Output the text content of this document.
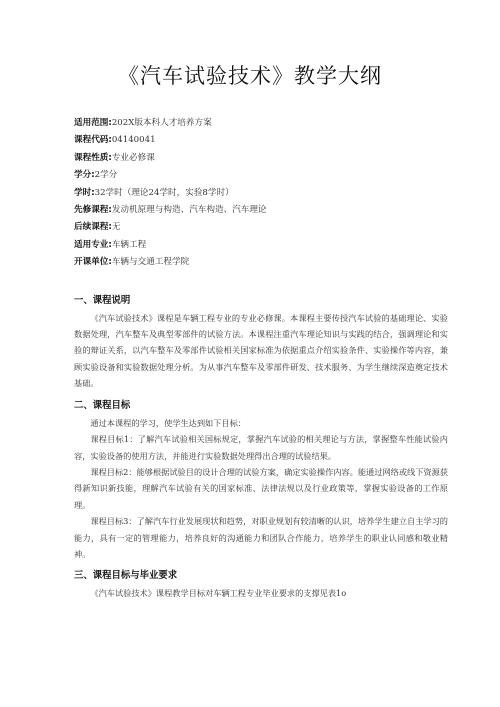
《汽车试验技术》教学大纲
适用范围:202X版本科人才培养方案
课程代码:04140041
课程性质:专业必修课
学分:2学分
学时:32学时（理论24学时，实验8学时）
先修课程:发动机原理与构造、汽车构造、汽车理论
后续课程:无
适用专业:车辆工程
开课单位:车辆与交通工程学院
一、课程说明

《汽车试验技术》课程是车辆工程专业的专业必修课。本课程主要传授汽车试验的基础理论、实验数据处理，汽车整车及典型零部件的试验方法。本课程注重汽车理论知识与实践的结合，强调理论和实验的辩证关系，以汽车整车及零部件试验相关国家标准为依据重点介绍实验条件、实验操作等内容，兼顾实验设备和实验数据处理分析。为从事汽车整车及零部件研发、技术服务、为学生继续深造奠定技术基础。

二、课程目标

通过本课程的学习，使学生达到如下目标：

课程目标1：了解汽车试验相关国标规定，掌握汽车试验的相关理论与方法，掌握整车性能试验内容，实验设备的使用方法，并能进行实验数据处理得出合理的试验结果。

课程目标2：能够根据试验目的设计合理的试验方案，确定实验操作内容。能通过网络或线下资源获得新知识新技能，理解汽车试验有关的国家标准、法律法规以及行业政策等，掌握实验设备的工作原理。

课程目标3：了解汽车行业发展现状和趋势，对职业规划有较清晰的认识，培养学生建立自主学习的能力，具有一定的管理能力，培养良好的沟通能力和团队合作能力，培养学生的职业认同感和敬业精神。

三、课程目标与毕业要求

《汽车试验技术》课程教学目标对车辆工程专业毕业要求的支撑见表1o
